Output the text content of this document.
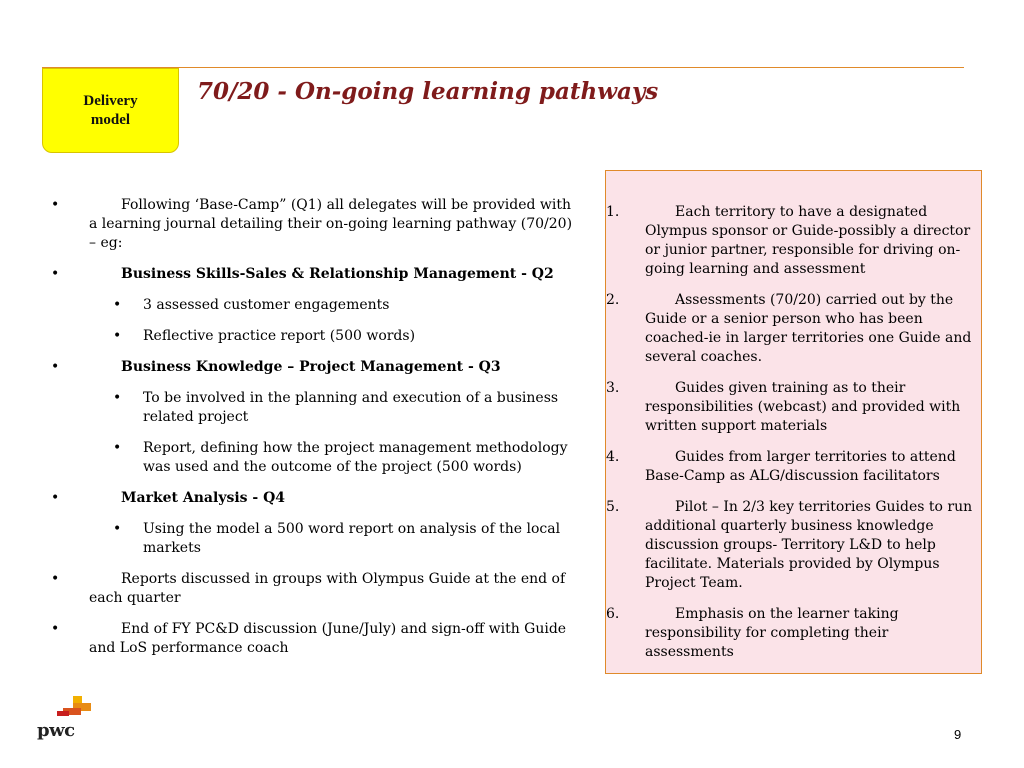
Delivery model
70/20 - On-going learning pathways
•	Following ‘Base-Camp” (Q1) all delegates will be provided with a learning journal detailing their on-going learning pathway (70/20) – eg:
•	Business Skills-Sales & Relationship Management - Q2
• 3 assessed customer engagements
• Reflective practice report (500 words)
•	Business Knowledge – Project Management - Q3
• To be involved in the planning and execution of a business related project
• Report, defining how the project management methodology was used and the outcome of the project (500 words)
•	Market Analysis - Q4
• Using the model a 500 word report on analysis of the local markets
•	Reports discussed in groups with Olympus Guide at the end of each quarter
•	End of FY PC&D discussion (June/July) and sign-off with Guide and LoS performance coach
1.	Each territory to have a designated Olympus sponsor or Guide-possibly a director or junior partner, responsible for driving on-going learning and assessment
2.	Assessments (70/20) carried out by the Guide or a senior person who has been coached-ie in larger territories one Guide and several coaches.
3.	Guides given training as to their responsibilities (webcast) and provided with written support materials
4.	Guides from larger territories to attend Base-Camp as ALG/discussion facilitators
5.	Pilot – In 2/3 key territories Guides to run additional quarterly business knowledge discussion groups- Territory L&D to help facilitate. Materials provided by Olympus Project Team.
6.	Emphasis on the learner taking responsibility for completing their assessments
pwc	9
